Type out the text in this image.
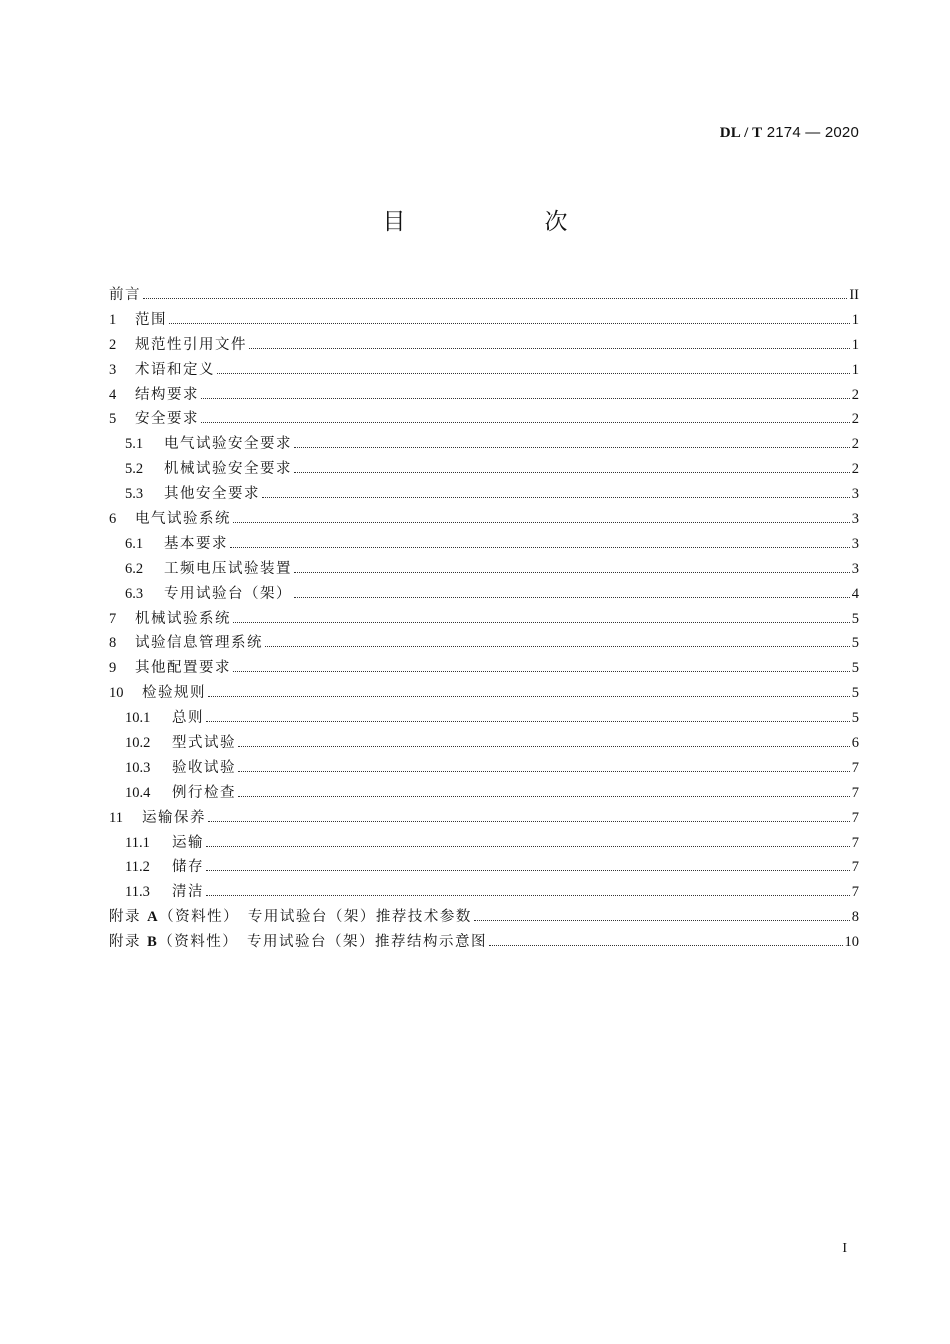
DL / T 2174 — 2020
目　次
前言	II
1	范围	1
2	规范性引用文件	1
3	术语和定义	1
4	结构要求	2
5	安全要求	2
5.1	电气试验安全要求	2
5.2	机械试验安全要求	2
5.3	其他安全要求	3
6	电气试验系统	3
6.1	基本要求	3
6.2	工频电压试验装置	3
6.3	专用试验台（架）	4
7	机械试验系统	5
8	试验信息管理系统	5
9	其他配置要求	5
10	检验规则	5
10.1	总则	5
10.2	型式试验	6
10.3	验收试验	7
10.4	例行检查	7
11	运输保养	7
11.1	运输	7
11.2	储存	7
11.3	清洁	7
附录 A（资料性）　专用试验台（架）推荐技术参数	8
附录 B（资料性）　专用试验台（架）推荐结构示意图	10
I
